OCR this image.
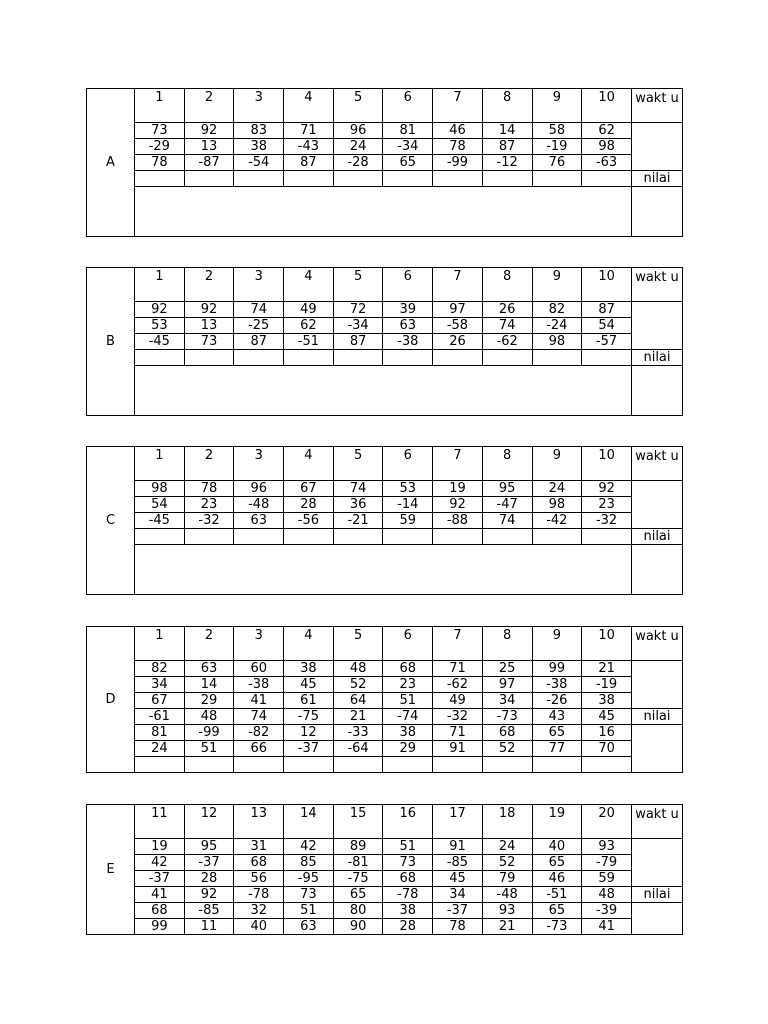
A	1	2	3	4	5	6	7	8	9	10	wakt u
	73	92	83	71	96	81	46	14	58	62	
	-29	13	38	-43	24	-34	78	87	-19	98	
	78	-87	-54	87	-28	65	-99	-12	76	-63	
											nilai

B	1	2	3	4	5	6	7	8	9	10	wakt u
	92	92	74	49	72	39	97	26	82	87	
	53	13	-25	62	-34	63	-58	74	-24	54	
	-45	73	87	-51	87	-38	26	-62	98	-57	
											nilai

C	1	2	3	4	5	6	7	8	9	10	wakt u
	98	78	96	67	74	53	19	95	24	92	
	54	23	-48	28	36	-14	92	-47	98	23	
	-45	-32	63	-56	-21	59	-88	74	-42	-32	
											nilai

D	1	2	3	4	5	6	7	8	9	10	wakt u
	82	63	60	38	48	68	71	25	99	21	
	34	14	-38	45	52	23	-62	97	-38	-19	
	67	29	41	61	64	51	49	34	-26	38	
	-61	48	74	-75	21	-74	-32	-73	43	45	nilai
	81	-99	-82	12	-33	38	71	68	65	16	
	24	51	66	-37	-64	29	91	52	77	70	

E	11	12	13	14	15	16	17	18	19	20	wakt u
	19	95	31	42	89	51	91	24	40	93	
	42	-37	68	85	-81	73	-85	52	65	-79	
	-37	28	56	-95	-75	68	45	79	46	59	
	41	92	-78	73	65	-78	34	-48	-51	48	nilai
	68	-85	32	51	80	38	-37	93	65	-39	
	99	11	40	63	90	28	78	21	-73	41	
